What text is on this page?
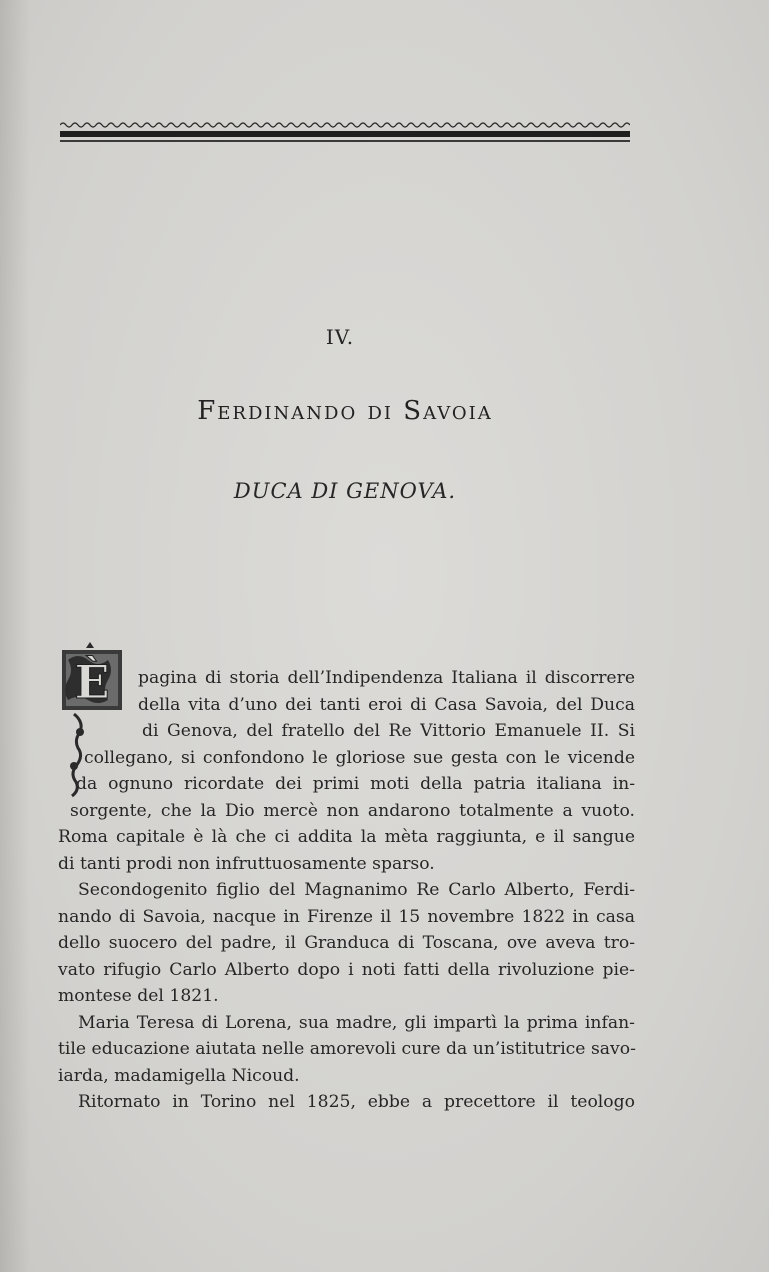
IV.
Ferdinando di Savoia
DUCA DI GENOVA.
È	pagina di storia dell’Indipendenza Italiana il discorrere
della vita d’uno dei tanti eroi di Casa Savoia, del Duca
di Genova, del fratello del Re Vittorio Emanuele II. Si
collegano, si confondono le gloriose sue gesta con le vicende
da ognuno ricordate dei primi moti della patria italiana in-
sorgente, che la Dio mercè non andarono totalmente a vuoto.
Roma capitale è là che ci addita la mèta raggiunta, e il sangue
di tanti prodi non infruttuosamente sparso.
Secondogenito figlio del Magnanimo Re Carlo Alberto, Ferdi-
nando di Savoia, nacque in Firenze il 15 novembre 1822 in casa
dello suocero del padre, il Granduca di Toscana, ove aveva tro-
vato rifugio Carlo Alberto dopo i noti fatti della rivoluzione pie-
montese del 1821.
Maria Teresa di Lorena, sua madre, gli impartì la prima infan-
tile educazione aiutata nelle amorevoli cure da un’istitutrice savo-
iarda, madamigella Nicoud.
Ritornato in Torino nel 1825, ebbe a precettore il teologo
